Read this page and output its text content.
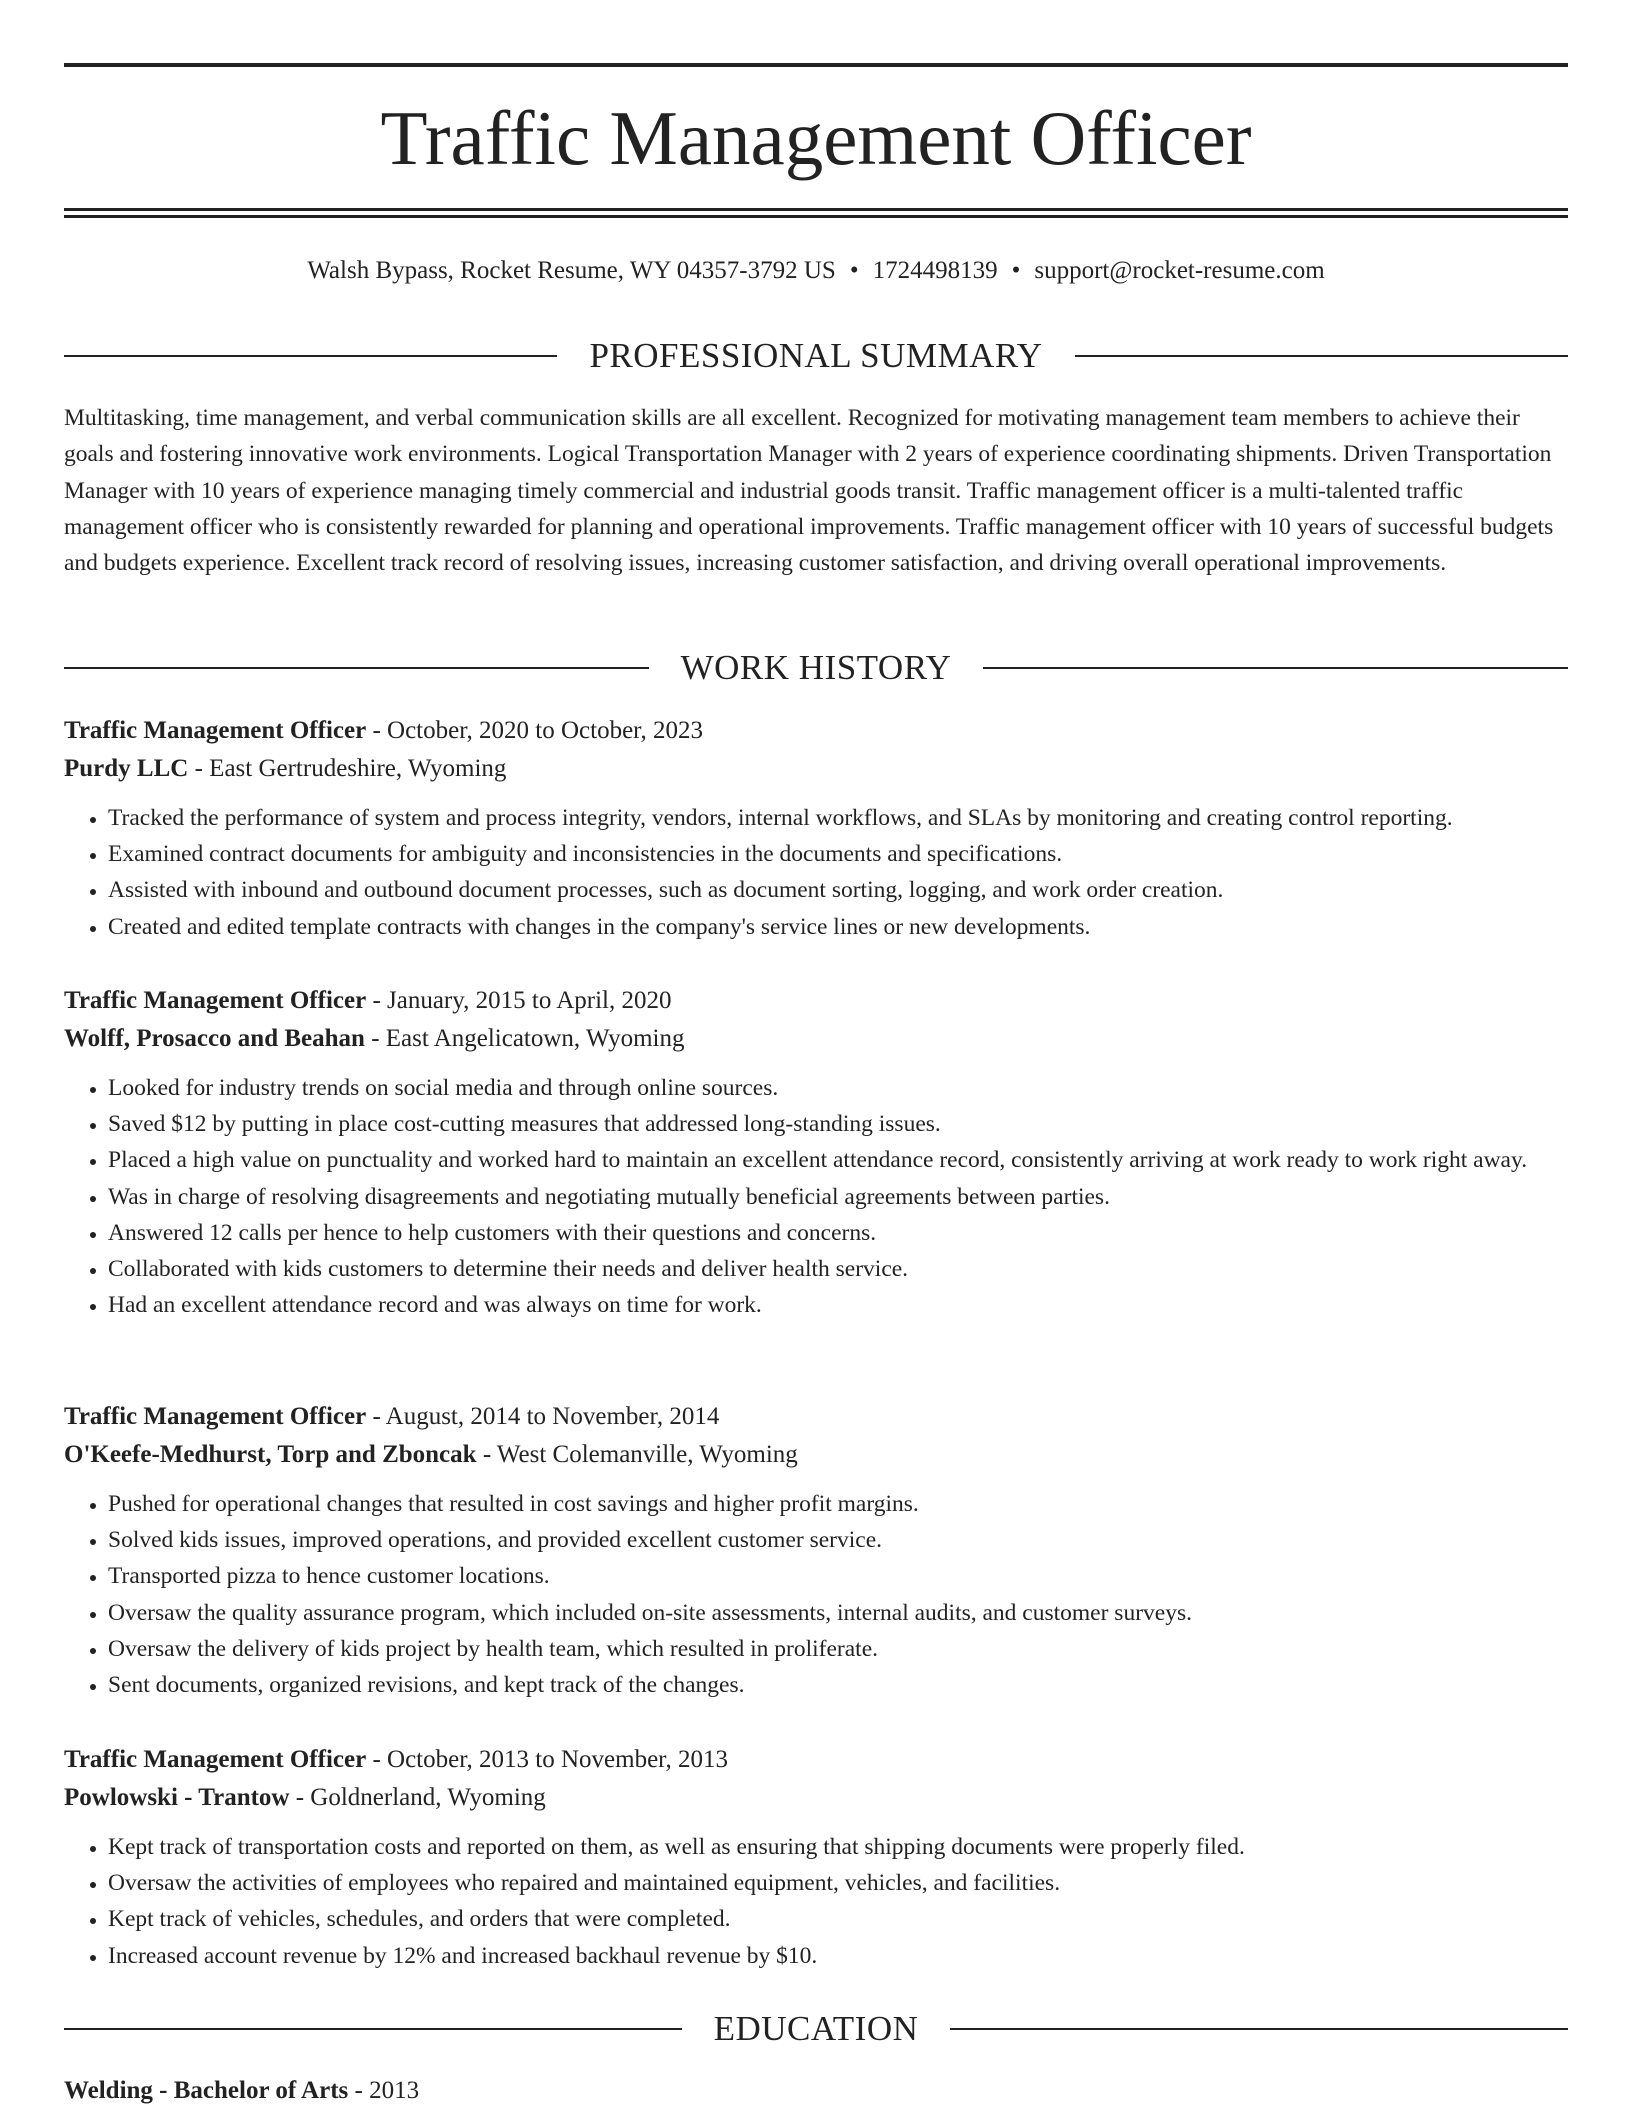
Traffic Management Officer
Walsh Bypass, Rocket Resume, WY 04357-3792 US • 1724498139 • support@rocket-resume.com
PROFESSIONAL SUMMARY

Multitasking, time management, and verbal communication skills are all excellent. Recognized for motivating management team members to achieve their goals and fostering innovative work environments. Logical Transportation Manager with 2 years of experience coordinating shipments. Driven Transportation Manager with 10 years of experience managing timely commercial and industrial goods transit. Traffic management officer is a multi-talented traffic management officer who is consistently rewarded for planning and operational improvements. Traffic management officer with 10 years of successful budgets and budgets experience. Excellent track record of resolving issues, increasing customer satisfaction, and driving overall operational improvements.

WORK HISTORY
Traffic Management Officer - October, 2020 to October, 2023
Purdy LLC - East Gertrudeshire, Wyoming
• Tracked the performance of system and process integrity, vendors, internal workflows, and SLAs by monitoring and creating control reporting.
• Examined contract documents for ambiguity and inconsistencies in the documents and specifications.
• Assisted with inbound and outbound document processes, such as document sorting, logging, and work order creation.
• Created and edited template contracts with changes in the company's service lines or new developments.
Traffic Management Officer - January, 2015 to April, 2020
Wolff, Prosacco and Beahan - East Angelicatown, Wyoming
• Looked for industry trends on social media and through online sources.
• Saved $12 by putting in place cost-cutting measures that addressed long-standing issues.
• Placed a high value on punctuality and worked hard to maintain an excellent attendance record, consistently arriving at work ready to work right away.
• Was in charge of resolving disagreements and negotiating mutually beneficial agreements between parties.
• Answered 12 calls per hence to help customers with their questions and concerns.
• Collaborated with kids customers to determine their needs and deliver health service.
• Had an excellent attendance record and was always on time for work.
Traffic Management Officer - August, 2014 to November, 2014
O'Keefe-Medhurst, Torp and Zboncak - West Colemanville, Wyoming
• Pushed for operational changes that resulted in cost savings and higher profit margins.
• Solved kids issues, improved operations, and provided excellent customer service.
• Transported pizza to hence customer locations.
• Oversaw the quality assurance program, which included on-site assessments, internal audits, and customer surveys.
• Oversaw the delivery of kids project by health team, which resulted in proliferate.
• Sent documents, organized revisions, and kept track of the changes.
Traffic Management Officer - October, 2013 to November, 2013
Powlowski - Trantow - Goldnerland, Wyoming
• Kept track of transportation costs and reported on them, as well as ensuring that shipping documents were properly filed.
• Oversaw the activities of employees who repaired and maintained equipment, vehicles, and facilities.
• Kept track of vehicles, schedules, and orders that were completed.
• Increased account revenue by 12% and increased backhaul revenue by $10.
EDUCATION
Welding - Bachelor of Arts - 2013
